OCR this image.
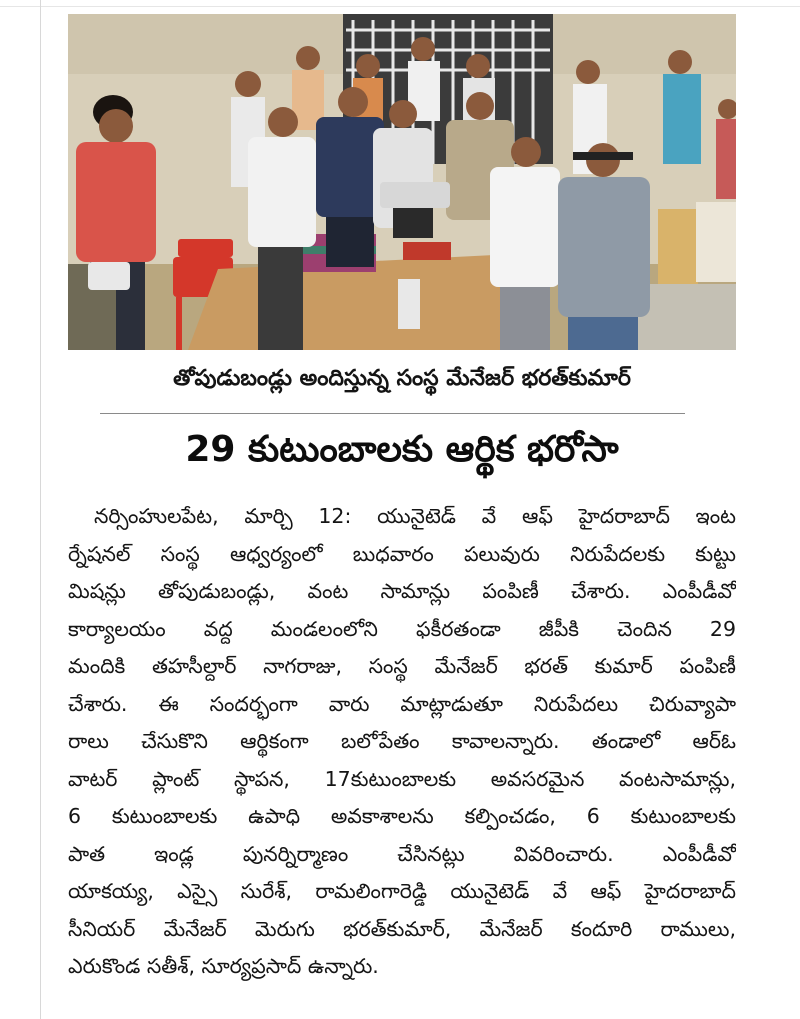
తోపుడుబండ్లు అందిస్తున్న సంస్థ మేనేజర్ భరత్‌కుమార్
29 కుటుంబాలకు ఆర్థిక భరోసా
నర్సింహులపేట, మార్చి 12: యునైటెడ్ వే ఆఫ్ హైదరాబాద్ ఇంట
ర్నేషనల్ సంస్థ ఆధ్వర్యంలో బుధవారం పలువురు నిరుపేదలకు కుట్టు
మిషన్లు తోపుడుబండ్లు, వంట సామాన్లు పంపిణీ చేశారు. ఎంపీడీవో
కార్యాలయం వద్ద మండలంలోని ఫకీరతండా జీపీకి చెందిన 29
మందికి తహసీల్దార్ నాగరాజు, సంస్థ మేనేజర్ భరత్ కుమార్ పంపిణీ
చేశారు. ఈ సందర్భంగా వారు మాట్లాడుతూ నిరుపేదలు చిరువ్యాపా
రాలు చేసుకొని ఆర్థికంగా బలోపేతం కావాలన్నారు. తండాలో ఆర్‌ఓ
వాటర్ ప్లాంట్ స్థాపన, 17కుటుంబాలకు అవసరమైన వంటసామాన్లు,
6 కుటుంబాలకు ఉపాధి అవకాశాలను కల్పించడం, 6 కుటుంబాలకు
పాత ఇండ్ల పునర్నిర్మాణం చేసినట్లు వివరించారు. ఎంపీడీవో
యాకయ్య, ఎస్సై సురేశ్, రామలింగారెడ్డి యునైటెడ్ వే ఆఫ్ హైదరాబాద్
సీనియర్ మేనేజర్ మెరుగు భరత్‌కుమార్, మేనేజర్ కందూరి రాములు,
ఎరుకొండ సతీశ్, సూర్యప్రసాద్ ఉన్నారు.
